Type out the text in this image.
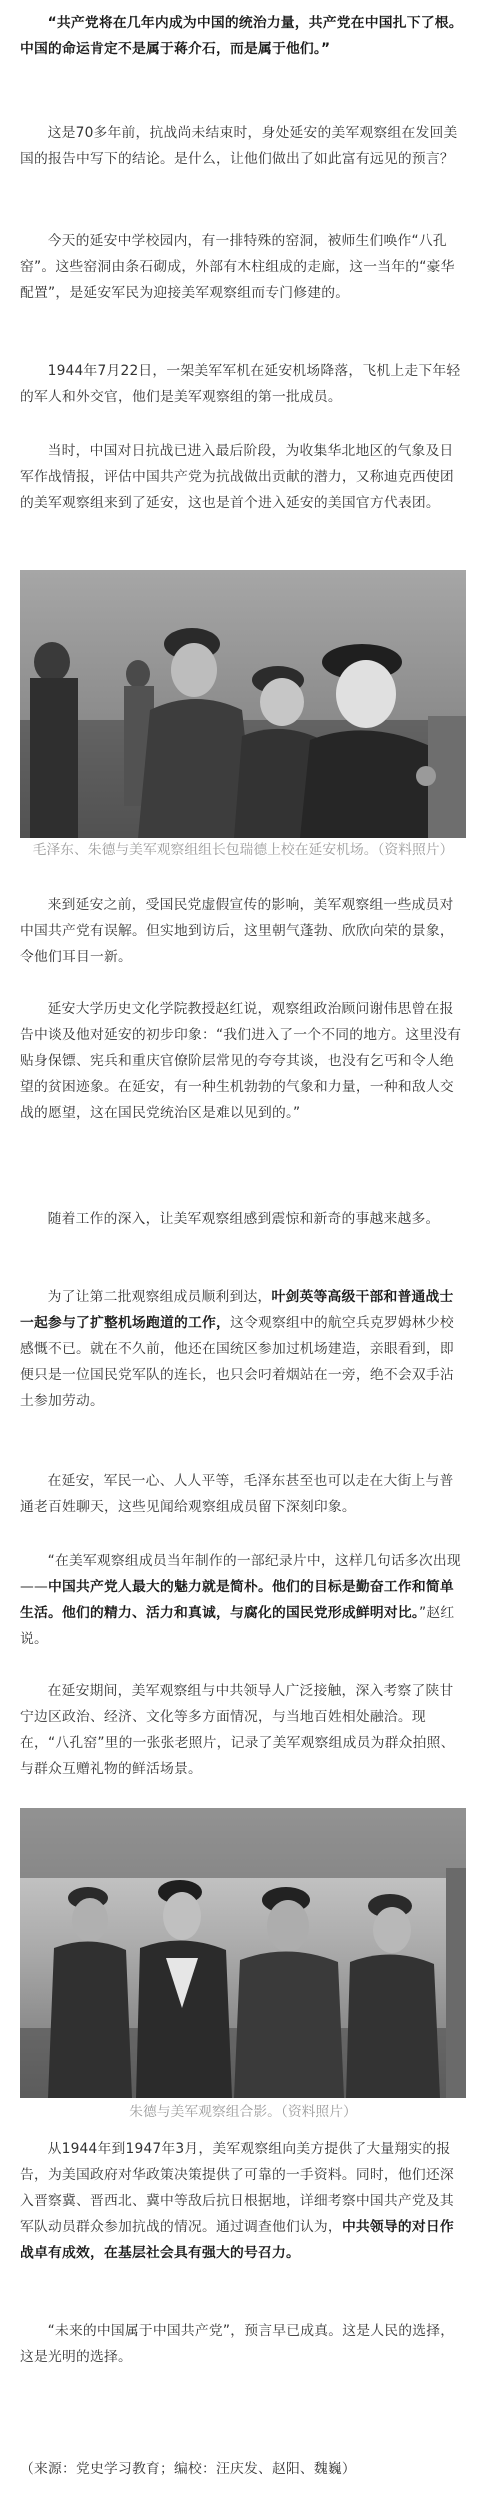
“共产党将在几年内成为中国的统治力量，共产党在中国扎下了根。中国的命运肯定不是属于蒋介石，而是属于他们。”

这是70多年前，抗战尚未结束时，身处延安的美军观察组在发回美国的报告中写下的结论。是什么，让他们做出了如此富有远见的预言？

今天的延安中学校园内，有一排特殊的窑洞，被师生们唤作“八孔窑”。这些窑洞由条石砌成，外部有木柱组成的走廊，这一当年的“豪华配置”，是延安军民为迎接美军观察组而专门修建的。

1944年7月22日，一架美军军机在延安机场降落，飞机上走下年轻的军人和外交官，他们是美军观察组的第一批成员。

当时，中国对日抗战已进入最后阶段，为收集华北地区的气象及日军作战情报，评估中国共产党为抗战做出贡献的潜力，又称迪克西使团的美军观察组来到了延安，这也是首个进入延安的美国官方代表团。

毛泽东、朱德与美军观察组组长包瑞德上校在延安机场。（资料照片）

来到延安之前，受国民党虚假宣传的影响，美军观察组一些成员对中国共产党有误解。但实地到访后，这里朝气蓬勃、欣欣向荣的景象，令他们耳目一新。

延安大学历史文化学院教授赵红说，观察组政治顾问谢伟思曾在报告中谈及他对延安的初步印象：“我们进入了一个不同的地方。这里没有贴身保镖、宪兵和重庆官僚阶层常见的夸夸其谈，也没有乞丐和令人绝望的贫困迹象。在延安，有一种生机勃勃的气象和力量，一种和敌人交战的愿望，这在国民党统治区是难以见到的。”

随着工作的深入，让美军观察组感到震惊和新奇的事越来越多。

为了让第二批观察组成员顺利到达，叶剑英等高级干部和普通战士一起参与了扩整机场跑道的工作，这令观察组中的航空兵克罗姆林少校感慨不已。就在不久前，他还在国统区参加过机场建造，亲眼看到，即便只是一位国民党军队的连长，也只会叼着烟站在一旁，绝不会双手沾土参加劳动。

在延安，军民一心、人人平等，毛泽东甚至也可以走在大街上与普通老百姓聊天，这些见闻给观察组成员留下深刻印象。

“在美军观察组成员当年制作的一部纪录片中，这样几句话多次出现——中国共产党人最大的魅力就是简朴。他们的目标是勤奋工作和简单生活。他们的精力、活力和真诚，与腐化的国民党形成鲜明对比。”赵红说。

在延安期间，美军观察组与中共领导人广泛接触，深入考察了陕甘宁边区政治、经济、文化等多方面情况，与当地百姓相处融洽。现在，“八孔窑”里的一张张老照片，记录了美军观察组成员为群众拍照、与群众互赠礼物的鲜活场景。

朱德与美军观察组合影。（资料照片）

从1944年到1947年3月，美军观察组向美方提供了大量翔实的报告，为美国政府对华政策决策提供了可靠的一手资料。同时，他们还深入晋察冀、晋西北、冀中等敌后抗日根据地，详细考察中国共产党及其军队动员群众参加抗战的情况。通过调查他们认为，中共领导的对日作战卓有成效，在基层社会具有强大的号召力。

“未来的中国属于中国共产党”，预言早已成真。这是人民的选择，这是光明的选择。

（来源：党史学习教育；编校：汪庆发、赵阳、魏巍）
